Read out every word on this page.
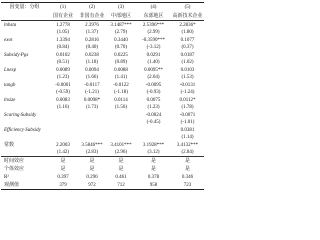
因变量：分组	(1)	(2)	(3)	(4)	(5)
	国有企业	非国有企业	中部地区	东部地区	高新技术企业
lnbsta	1.2778	2.3976	3.1487***	2.5396***	2.2836*
	(1.05)	(1.37)	(2.79)	(2.99)	(1.80)
exot	1.3394	0.2816	0.3440	-0.3590***	0.1077
	(0.84)	(0.40)	(0.70)	(-3.12)	(0.37)
Subsidy·Pgs	0.0102	0.0238	0.0225	0.0291	0.0187
	(0.51)	(1.18)	(0.89)	(1.40)	(1.02)
Lnexp	0.0089	0.0094	0.0088	0.0095**	0.0103
	(1.23)	(1.66)	(1.41)	(2.04)	(1.53)
tangb	-0.0061	-0.0117	-0.0122	-0.0095	-0.0131
	(-0.59)	(-1.21)	(-1.18)	(-0.93)	(-1.24)
lnsize	0.0083	0.0098*	0.0114	0.0075	0.0112*
	(1.16)	(1.73)	(1.56)	(1.23)	(1.78)
Scaring·Subsidy				-0.0024	-0.0071
				(-0.45)	(-1.01)
Efficiency·Subsidy					0.0381
					(1.14)
常数	2.2003	3.5846***	3.4101***	3.1928***	3.4132***
	(1.42)	(2.83)	(2.96)	(3.12)	(2.84)
时间效应	是	是	是	是	是
个体效应	是	是	是	是	是
R²	0.397	0.290	0.461	0.378	0.346
观测值	379	972	712	958	723
